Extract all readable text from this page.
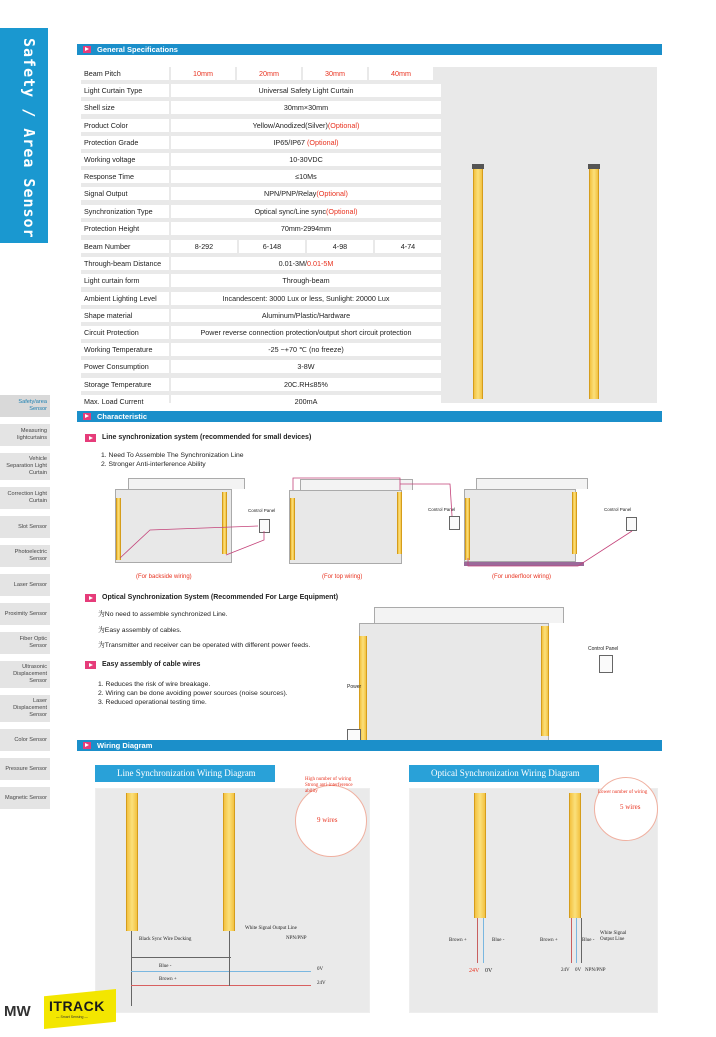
Safety / Area Sensor
Safety/area Sensor
Measuring lightcurtains
Vehicle Separation Light Curtain
Correction Light Curtain
Slot Sensor
Photoelectric Sensor
Laser Sensor
Proximity Sensor
Fiber Optic Sensor
Ultrasonic Displacement Sensor
Laser Displacement Sensor
Color Sensor
Pressure Sensor
Magnetic Sensor
General Specifications
Beam Pitch	10mm	20mm	30mm	40mm
Light Curtain Type	Universal Safety Light Curtain
Shell size	30mm×30mm
Product Color	Yellow/Anodized(Silver)(Optional)
Protection Grade	IP65/IP67 (Optional)
Working voltage	10-30VDC
Response Time	≤10Ms
Signal Output	NPN/PNP/Relay(Optional)
Synchronization Type	Optical sync/Line sync(Optional)
Protection Height	70mm-2994mm
Beam Number	8-292	6-148	4-98	4-74
Through-beam Distance	0.01-3M/0.01-5M
Light curtain form	Through-beam
Ambient Lighting Level	Incandescent: 3000 Lux or less, Sunlight: 20000 Lux
Shape material	Aluminum/Plastic/Hardware
Circuit Protection	Power reverse connection protection/output short circuit protection
Working Temperature	-25 ~+70 ℃ (no freeze)
Power Consumption	3-8W
Storage Temperature	20C.RH≤85%
Max. Load Current	200mA
Characteristic
Line synchronization system (recommended for small devices)
1. Need To Assemble The Synchronization Line
2. Stronger Anti-interference Ability
Control Panel
(For backside wiring)
Control Panel
(For top wiring)
Control Panel
(For underfloor wiring)
Optical Synchronization System (Recommended For Large Equipment)
为No need to assemble synchronized Line.
为Easy assembly of cables.
为Transmitter and receiver can be operated with different power feeds.	Control Panel
Power
Easy assembly of cable wires
1. Reduces the risk of wire breakage.
2. Wiring can be done avoiding power sources (noise sources).
3. Reduced operational testing time.
Wiring Diagram
Line Synchronization Wiring Diagram
High number of wiring Strong anti-interference ability
9 wires
Black Sync Wire Docking
White Signal Output Line
NPN/PNP
Blue -
Brown +
0V
24V
Optical Synchronization Wiring Diagram
Lower number of wiring
5 wires
Brown +	Blue -	Brown +	Blue -
White Signal Output Line
24V 0V	24V 0V NPN/PNP
MW ITRACK
— Smart Sensing —
